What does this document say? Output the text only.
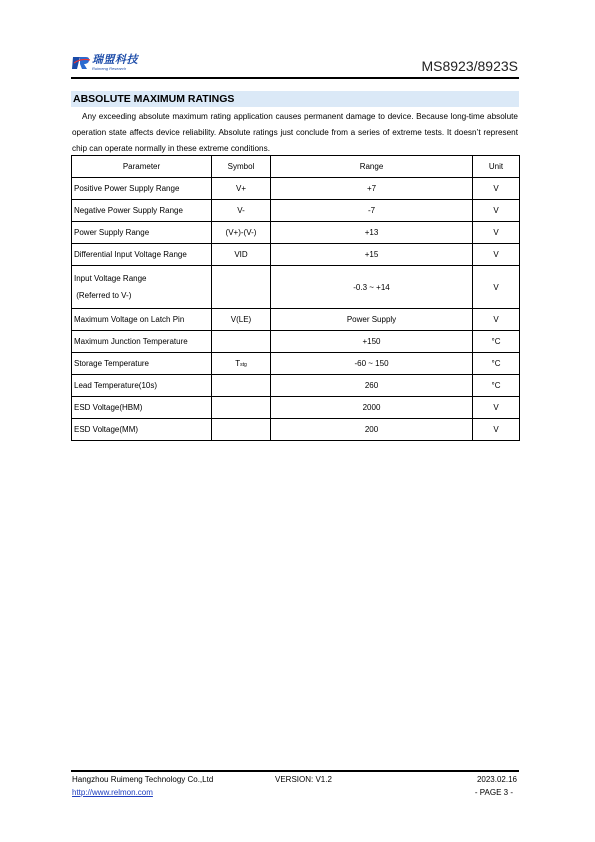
瑞盟科技
Ruimeng Research	MS8923/8923S
ABSOLUTE MAXIMUM RATINGS
Any exceeding absolute maximum rating application causes permanent damage to device. Because long-time absolute operation state affects device reliability. Absolute ratings just conclude from a series of extreme tests. It doesn’t represent chip can operate normally in these extreme conditions.
Parameter	Symbol	Range	Unit
Positive Power Supply Range	V+	+7	V
Negative Power Supply Range	V-	-7	V
Power Supply Range	(V+)-(V-)	+13	V
Differential Input Voltage Range	VID	+15	V
Input Voltage Range
(Referred to V-)		-0.3 ~ +14	V
Maximum Voltage on Latch Pin	V(LE)	Power Supply	V
Maximum Junction Temperature		+150	°C
Storage Temperature	Tstg	-60 ~ 150	°C
Lead Temperature(10s)		260	°C
ESD Voltage(HBM)		2000	V
ESD Voltage(MM)		200	V
Hangzhou Ruimeng Technology Co.,Ltd	VERSION: V1.2	2023.02.16
http://www.relmon.com	- PAGE 3 -
